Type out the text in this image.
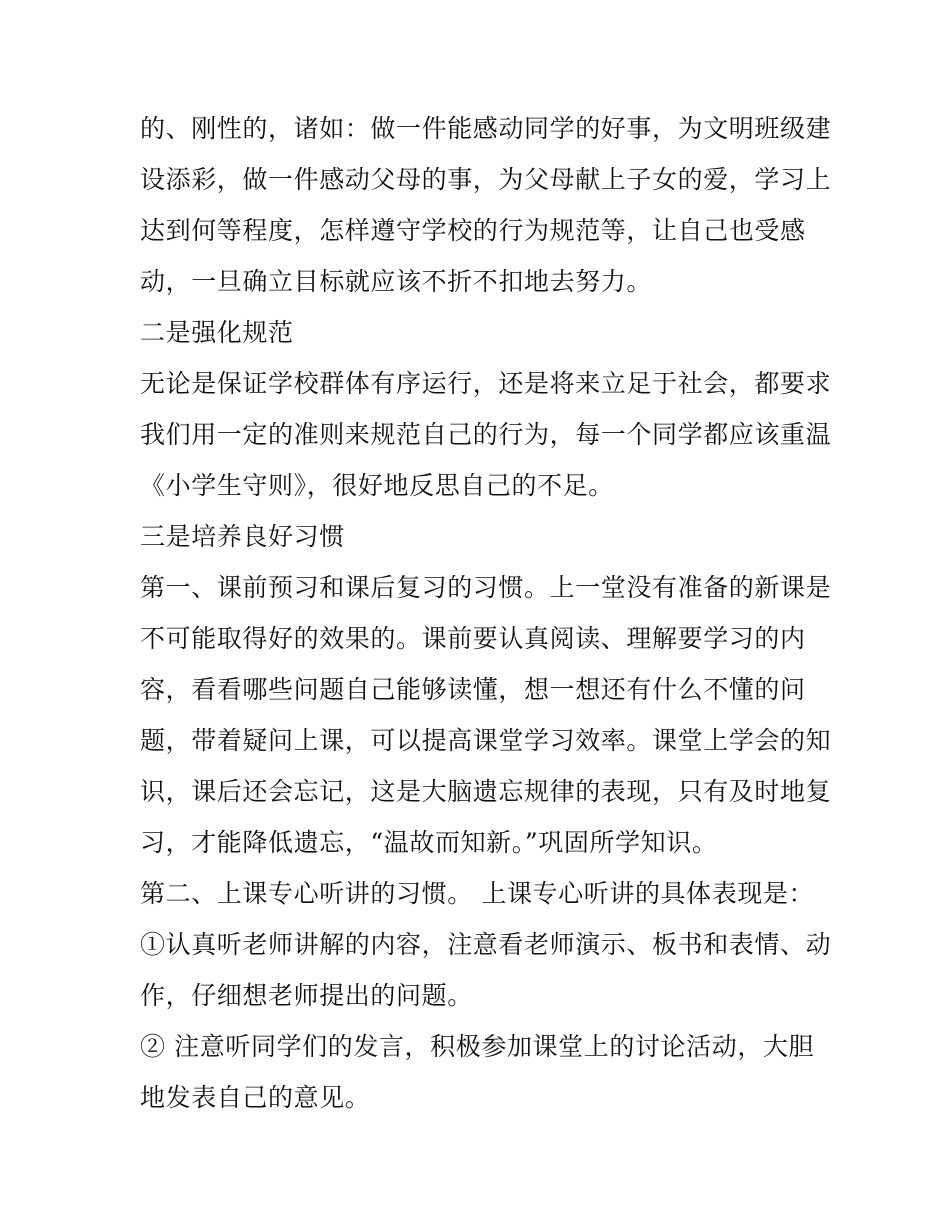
的、刚性的，诸如：做一件能感动同学的好事，为文明班级建
设添彩，做一件感动父母的事，为父母献上子女的爱，学习上
达到何等程度，怎样遵守学校的行为规范等，让自己也受感
动，一旦确立目标就应该不折不扣地去努力。

二是强化规范

无论是保证学校群体有序运行，还是将来立足于社会，都要求
我们用一定的准则来规范自己的行为，每一个同学都应该重温
《小学生守则》，很好地反思自己的不足。

三是培养良好习惯

第一、课前预习和课后复习的习惯。上一堂没有准备的新课是
不可能取得好的效果的。课前要认真阅读、理解要学习的内
容，看看哪些问题自己能够读懂，想一想还有什么不懂的问
题，带着疑问上课，可以提高课堂学习效率。课堂上学会的知
识，课后还会忘记，这是大脑遗忘规律的表现，只有及时地复
习，才能降低遗忘，“温故而知新。”巩固所学知识。

第二、上课专心听讲的习惯。 上课专心听讲的具体表现是：

①认真听老师讲解的内容，注意看老师演示、板书和表情、动
作，仔细想老师提出的问题。

② 注意听同学们的发言，积极参加课堂上的讨论活动，大胆
地发表自己的意见。
